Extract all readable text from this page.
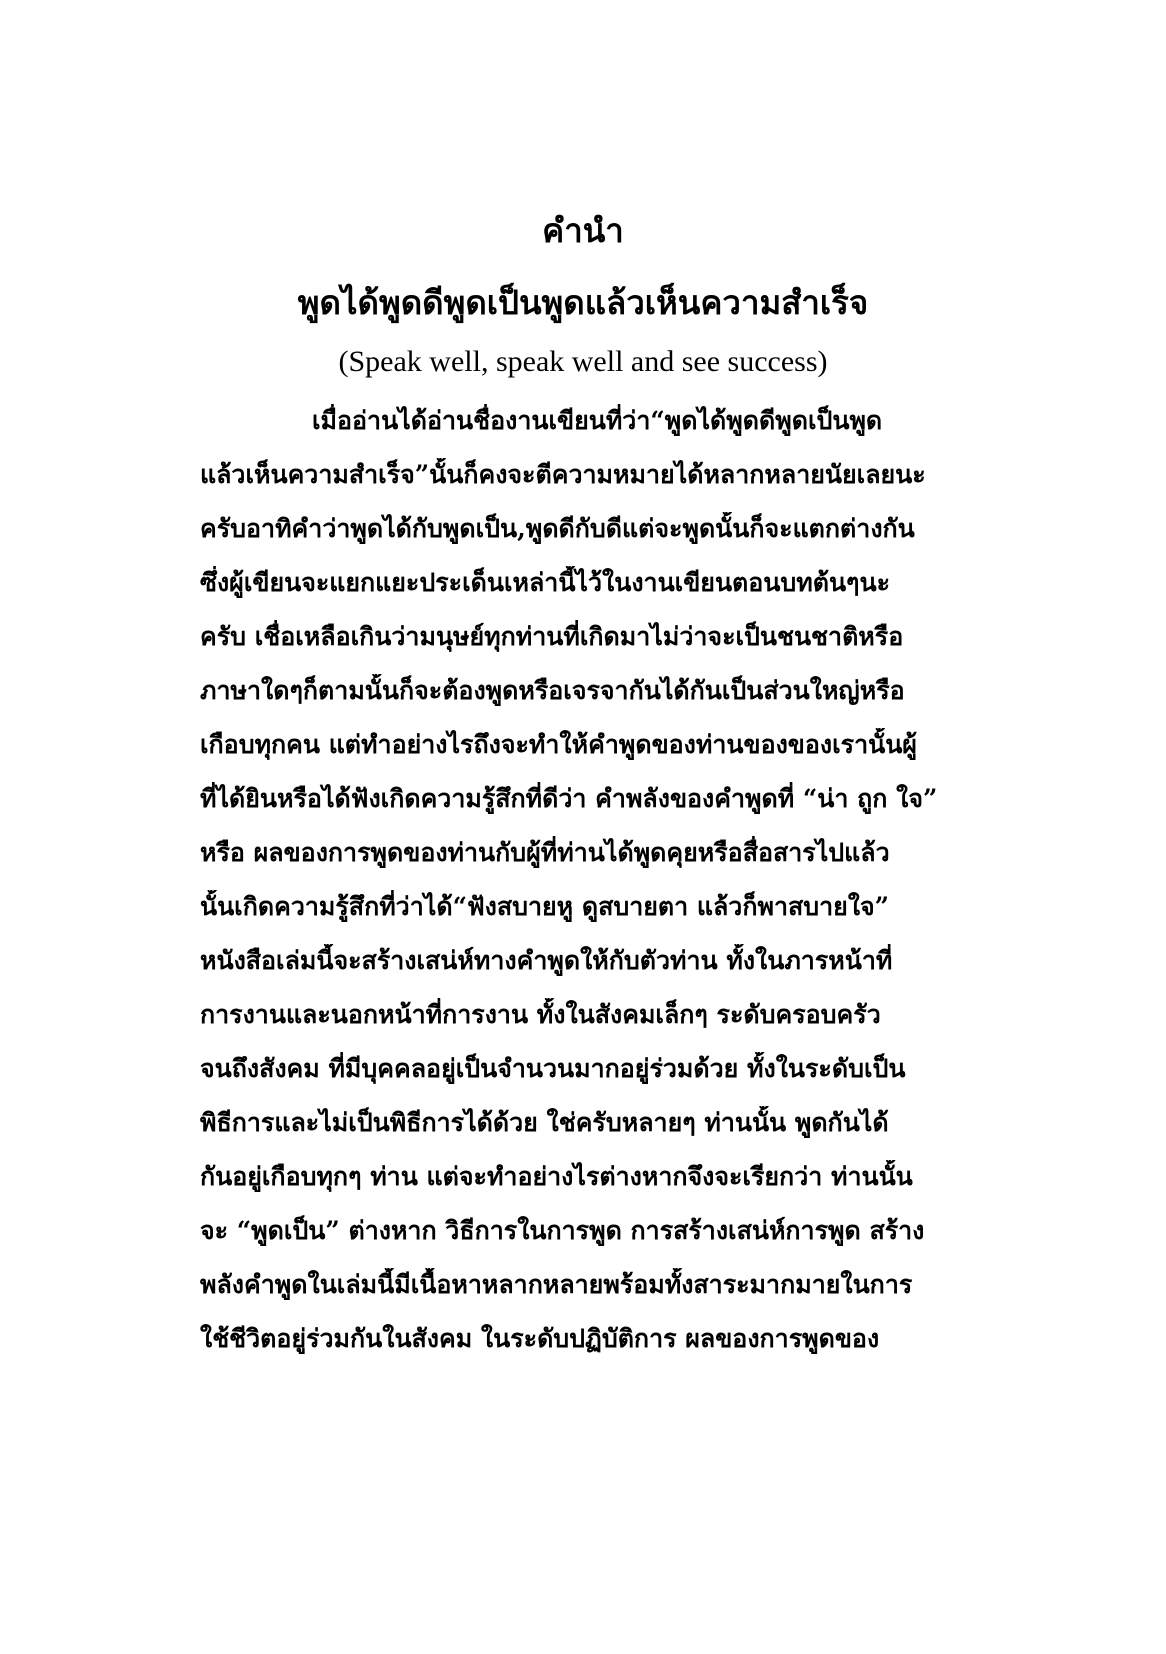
คำนำ
พูดได้พูดดีพูดเป็นพูดแล้วเห็นความสำเร็จ
(Speak well, speak well and see success)
เมื่ออ่านได้อ่านชื่องานเขียนที่ว่า“พูดได้พูดดีพูดเป็นพูด
แล้วเห็นความสำเร็จ”นั้นก็คงจะตีความหมายได้หลากหลายนัยเลยนะ
ครับอาทิคำว่าพูดได้กับพูดเป็น,พูดดีกับดีแต่จะพูดนั้นก็จะแตกต่างกัน
ซึ่งผู้เขียนจะแยกแยะประเด็นเหล่านี้ไว้ในงานเขียนตอนบทต้นๆนะ
ครับ เชื่อเหลือเกินว่ามนุษย์ทุกท่านที่เกิดมาไม่ว่าจะเป็นชนชาติหรือ
ภาษาใดๆก็ตามนั้นก็จะต้องพูดหรือเจรจากันได้กันเป็นส่วนใหญ่หรือ
เกือบทุกคน แต่ทำอย่างไรถึงจะทำให้คำพูดของท่านของของเรานั้นผู้
ที่ได้ยินหรือได้ฟังเกิดความรู้สึกที่ดีว่า คำพลังของคำพูดที่ “น่า ถูก ใจ”
หรือ ผลของการพูดของท่านกับผู้ที่ท่านได้พูดคุยหรือสื่อสารไปแล้ว
นั้นเกิดความรู้สึกที่ว่าได้“ฟังสบายหู ดูสบายตา แล้วก็พาสบายใจ”
หนังสือเล่มนี้จะสร้างเสน่ห์ทางคำพูดให้กับตัวท่าน ทั้งในภารหน้าที่
การงานและนอกหน้าที่การงาน ทั้งในสังคมเล็กๆ ระดับครอบครัว
จนถึงสังคม ที่มีบุคคลอยู่เป็นจำนวนมากอยู่ร่วมด้วย ทั้งในระดับเป็น
พิธีการและไม่เป็นพิธีการได้ด้วย ใช่ครับหลายๆ ท่านนั้น พูดกันได้
กันอยู่เกือบทุกๆ ท่าน แต่จะทำอย่างไรต่างหากจึงจะเรียกว่า ท่านนั้น
จะ “พูดเป็น” ต่างหาก วิธีการในการพูด การสร้างเสน่ห์การพูด สร้าง
พลังคำพูดในเล่มนี้มีเนื้อหาหลากหลายพร้อมทั้งสาระมากมายในการ
ใช้ชีวิตอยู่ร่วมกันในสังคม ในระดับปฏิบัติการ ผลของการพูดของ
